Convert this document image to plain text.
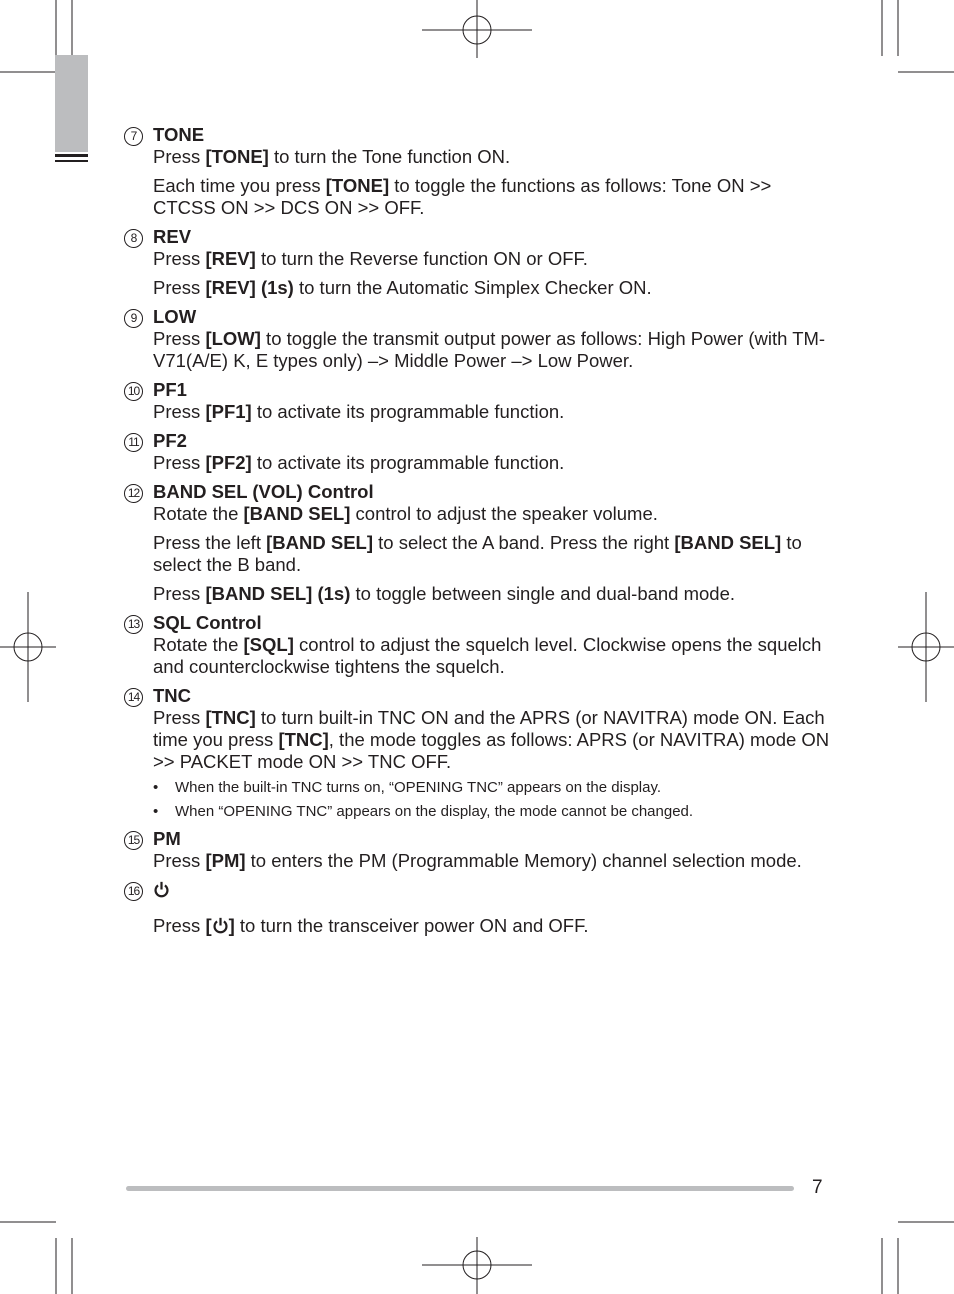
7 TONE
Press [TONE] to turn the Tone function ON.
Each time you press [TONE] to toggle the functions as follows: Tone ON >> CTCSS ON >> DCS ON >> OFF.
8 REV
Press [REV] to turn the Reverse function ON or OFF.
Press [REV] (1s) to turn the Automatic Simplex Checker ON.
9 LOW
Press [LOW] to toggle the transmit output power as follows: High Power (with TM-V71(A/E) K, E types only) –> Middle Power –> Low Power.
10 PF1
Press [PF1] to activate its programmable function.
11 PF2
Press [PF2] to activate its programmable function.
12 BAND SEL (VOL) Control
Rotate the [BAND SEL] control to adjust the speaker volume.
Press the left [BAND SEL] to select the A band. Press the right [BAND SEL] to select the B band.
Press [BAND SEL] (1s) to toggle between single and dual-band mode.
13 SQL Control
Rotate the [SQL] control to adjust the squelch level. Clockwise opens the squelch and counterclockwise tightens the squelch.
14 TNC
Press [TNC] to turn built-in TNC ON and the APRS (or NAVITRA) mode ON. Each time you press [TNC], the mode toggles as follows: APRS (or NAVITRA) mode ON >> PACKET mode ON >> TNC OFF.
• When the built-in TNC turns on, “OPENING TNC” appears on the display.
• When “OPENING TNC” appears on the display, the mode cannot be changed.
15 PM
Press [PM] to enters the PM (Programmable Memory) channel selection mode.
16
Press [ ] to turn the transceiver power ON and OFF.
7
